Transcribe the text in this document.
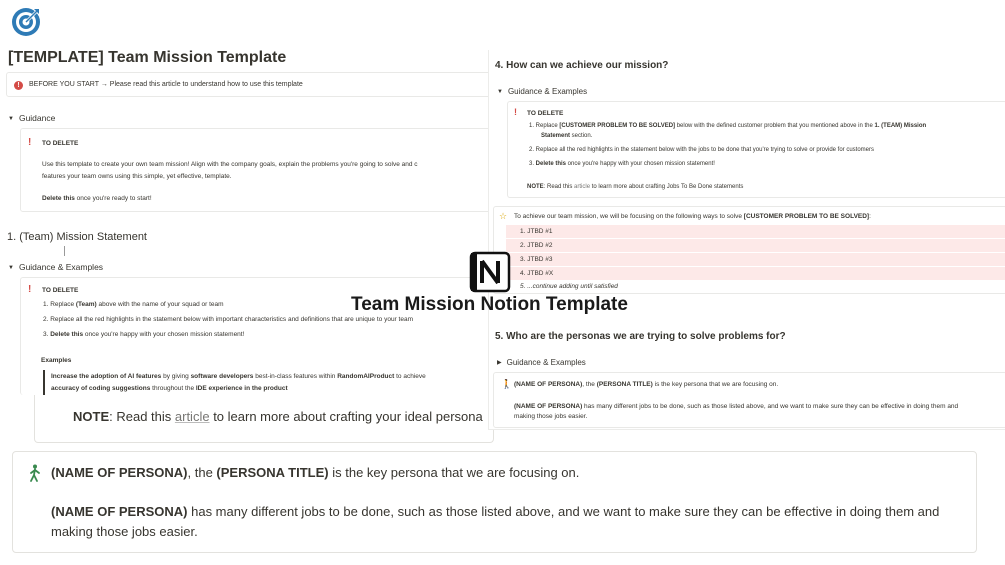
[TEMPLATE] Team Mission Template
!	BEFORE YOU START → Please read this article to understand how to use this template
▼ Guidance
! TO DELETE
Use this template to create your own team mission! Align with the company goals, explain the problems you're going to solve and c
features your team owns using this simple, yet effective, template.
Delete this once you're ready to start!
1. (Team) Mission Statement
▼ Guidance & Examples
! TO DELETE
1. Replace (Team) above with the name of your squad or team
2. Replace all the red highlights in the statement below with important characteristics and definitions that are unique to your team
3. Delete this once you're happy with your chosen mission statement!
Examples
Increase the adoption of AI features by giving software developers best-in-class features within RandomAIProduct to achieve
accuracy of coding suggestions throughout the IDE experience in the product
NOTE: Read this article to learn more about crafting your ideal persona
4. How can we achieve our mission?
▼ Guidance & Examples
! TO DELETE
1. Replace [CUSTOMER PROBLEM TO BE SOLVED] below with the defined customer problem that you mentioned above in the 1. (TEAM) Mission
Statement section.
2. Replace all the red highlights in the statement below with the jobs to be done that you're trying to solve or provide for customers
3. Delete this once you're happy with your chosen mission statement!
NOTE: Read this article to learn more about crafting Jobs To Be Done statements
☆ To achieve our team mission, we will be focusing on the following ways to solve [CUSTOMER PROBLEM TO BE SOLVED]:
1. JTBD #1
2. JTBD #2
3. JTBD #3
4. JTBD #X
5. ...continue adding until satisfied
5. Who are the personas we are trying to solve problems for?
▶ Guidance & Examples
🚶 (NAME OF PERSONA), the (PERSONA TITLE) is the key persona that we are focusing on.
(NAME OF PERSONA) has many different jobs to be done, such as those listed above, and we want to make sure they can be effective in doing them and
making those jobs easier.
Team Mission Notion Template
(NAME OF PERSONA), the (PERSONA TITLE) is the key persona that we are focusing on.
(NAME OF PERSONA) has many different jobs to be done, such as those listed above, and we want to make sure they can be effective in doing them and
making those jobs easier.
